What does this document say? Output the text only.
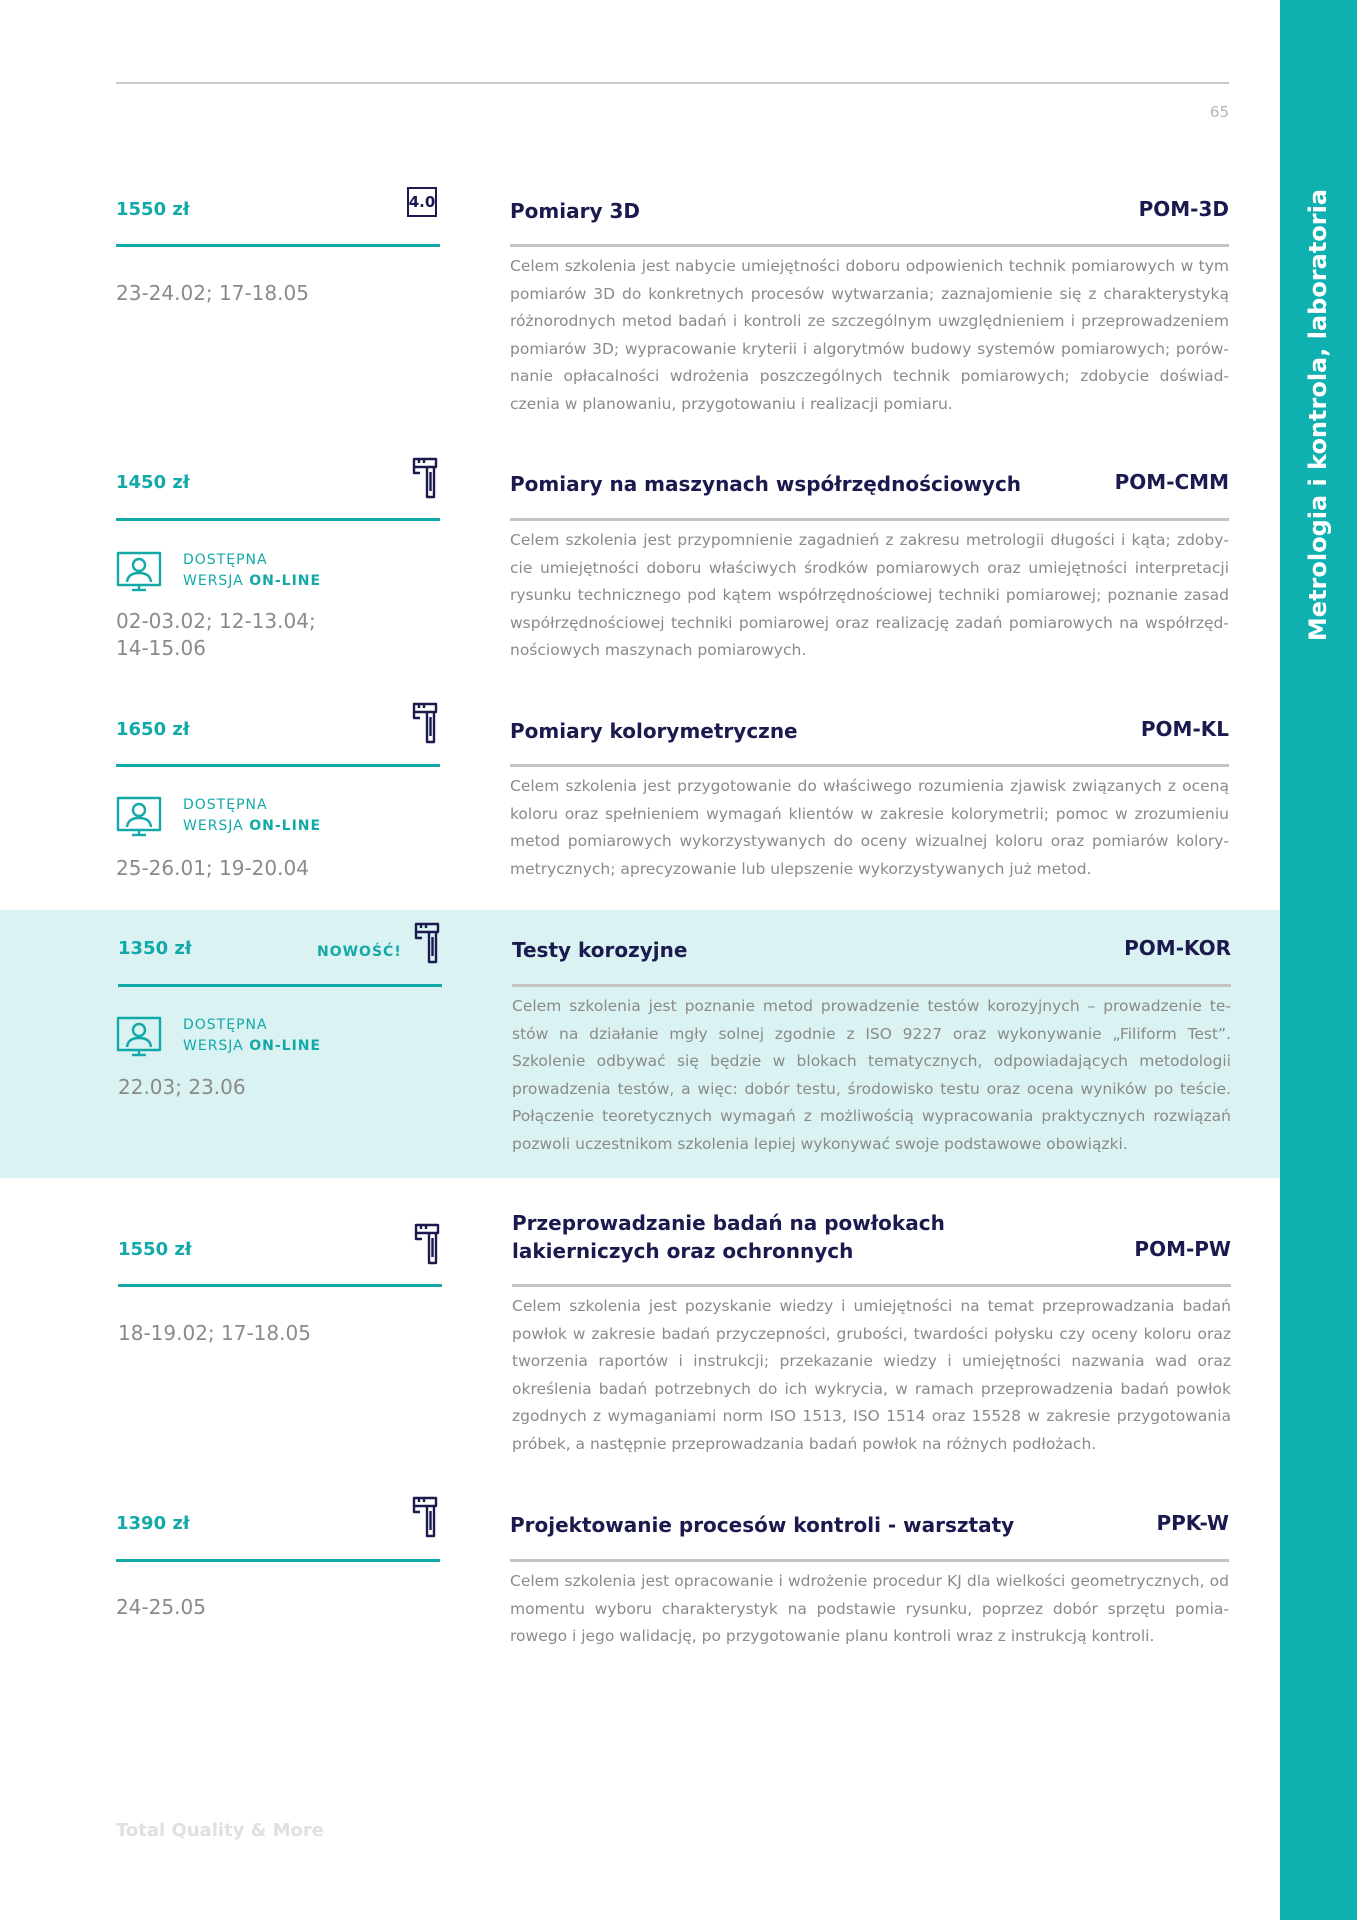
65
Metrologia i kontrola, laboratoria
1550 zł	4.0
23-24.02; 17-18.05
Pomiary 3D	POM-3D
Celem szkolenia jest nabycie umiejętności doboru odpowienich technik pomiarowych w tym pomiarów 3D do konkretnych procesów wytwarzania; zaznajomienie się z charakterystyką różnorodnych metod badań i kontroli ze szczególnym uwzględnieniem i przeprowadzeniem pomiarów 3D; wypracowanie kryterii i algorytmów budowy systemów pomiarowych; porównanie opłacalności wdrożenia poszczególnych technik pomiarowych; zdobycie doświadczenia w planowaniu, przygotowaniu i realizacji pomiaru.
1450 zł
DOSTĘPNA
WERSJA ON-LINE
02-03.02; 12-13.04; 14-15.06
Pomiary na maszynach współrzędnościowych	POM-CMM
Celem szkolenia jest przypomnienie zagadnień z zakresu metrologii długości i kąta; zdobycie umiejętności doboru właściwych środków pomiarowych oraz umiejętności interpretacji rysunku technicznego pod kątem współrzędnościowej techniki pomiarowej; poznanie zasad współrzędnościowej techniki pomiarowej oraz realizację zadań pomiarowych na współrzędnościowych maszynach pomiarowych.
1650 zł
DOSTĘPNA
WERSJA ON-LINE
25-26.01; 19-20.04
Pomiary kolorymetryczne	POM-KL
Celem szkolenia jest przygotowanie do właściwego rozumienia zjawisk związanych z oceną koloru oraz spełnieniem wymagań klientów w zakresie kolorymetrii; pomoc w zrozumieniu metod pomiarowych wykorzystywanych do oceny wizualnej koloru oraz pomiarów kolorymetrycznych; aprecyzowanie lub ulepszenie wykorzystywanych już metod.
1350 zł	NOWOŚĆ!
DOSTĘPNA
WERSJA ON-LINE
22.03; 23.06
Testy korozyjne	POM-KOR
Celem szkolenia jest poznanie metod prowadzenie testów korozyjnych – prowadzenie testów na działanie mgły solnej zgodnie z ISO 9227 oraz wykonywanie „Filiform Test”. Szkolenie odbywać się będzie w blokach tematycznych, odpowiadających metodologii prowadzenia testów, a więc: dobór testu, środowisko testu oraz ocena wyników po teście. Połączenie teoretycznych wymagań z możliwością wypracowania praktycznych rozwiązań pozwoli uczestnikom szkolenia lepiej wykonywać swoje podstawowe obowiązki.
1550 zł
18-19.02; 17-18.05
Przeprowadzanie badań na powłokach lakierniczych oraz ochronnych	POM-PW
Celem szkolenia jest pozyskanie wiedzy i umiejętności na temat przeprowadzania badań powłok w zakresie badań przyczepności, grubości, twardości połysku czy oceny koloru oraz tworzenia raportów i instrukcji; przekazanie wiedzy i umiejętności nazwania wad oraz określenia badań potrzebnych do ich wykrycia, w ramach przeprowadzenia badań powłok zgodnych z wymaganiami norm ISO 1513, ISO 1514 oraz 15528 w zakresie przygotowania próbek, a następnie przeprowadzania badań powłok na różnych podłożach.
1390 zł
24-25.05
Projektowanie procesów kontroli - warsztaty	PPK-W
Celem szkolenia jest opracowanie i wdrożenie procedur KJ dla wielkości geometrycznych, od momentu wyboru charakterystyk na podstawie rysunku, poprzez dobór sprzętu pomiarowego i jego walidację, po przygotowanie planu kontroli wraz z instrukcją kontroli.
Total Quality & More
